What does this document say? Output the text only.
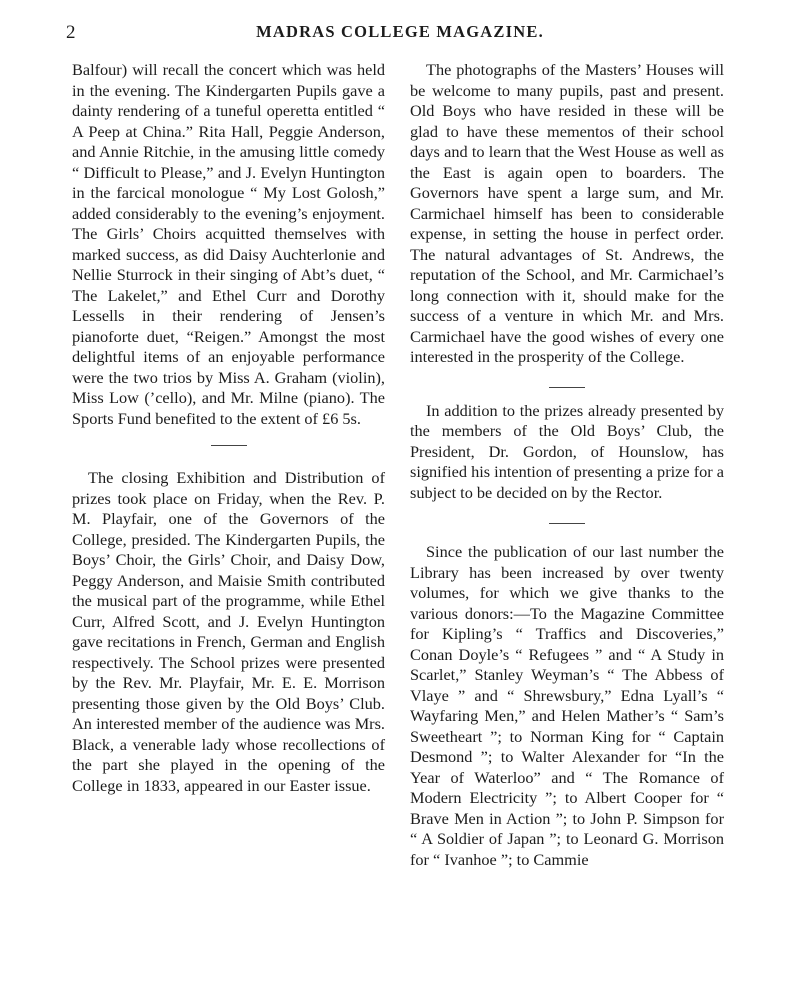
2	MADRAS COLLEGE MAGAZINE.

Balfour) will recall the concert which was held in the evening. The Kindergarten Pupils gave a dainty rendering of a tuneful operetta entitled “ A Peep at China.” Rita Hall, Peggie Anderson, and Annie Ritchie, in the amusing little comedy “ Difficult to Please,” and J. Evelyn Huntington in the farcical monologue “ My Lost Golosh,” added considerably to the evening’s enjoyment. The Girls’ Choirs acquitted themselves with marked success, as did Daisy Auchterlonie and Nellie Sturrock in their singing of Abt’s duet, “ The Lakelet,” and Ethel Curr and Dorothy Lessells in their rendering of Jensen’s pianoforte duet, “Reigen.” Amongst the most delightful items of an enjoyable performance were the two trios by Miss A. Graham (violin), Miss Low (’cello), and Mr. Milne (piano). The Sports Fund benefited to the extent of £6 5s.

The closing Exhibition and Distribution of prizes took place on Friday, when the Rev. P. M. Playfair, one of the Governors of the College, presided. The Kindergarten Pupils, the Boys’ Choir, the Girls’ Choir, and Daisy Dow, Peggy Anderson, and Maisie Smith contributed the musical part of the programme, while Ethel Curr, Alfred Scott, and J. Evelyn Huntington gave recitations in French, German and English respectively. The School prizes were presented by the Rev. Mr. Playfair, Mr. E. E. Morrison presenting those given by the Old Boys’ Club. An interested member of the audience was Mrs. Black, a venerable lady whose recollections of the part she played in the opening of the College in 1833, appeared in our Easter issue.

The photographs of the Masters’ Houses will be welcome to many pupils, past and present. Old Boys who have resided in these will be glad to have these mementos of their school days and to learn that the West House as well as the East is again open to boarders. The Governors have spent a large sum, and Mr. Carmichael himself has been to considerable expense, in setting the house in perfect order. The natural advantages of St. Andrews, the reputation of the School, and Mr. Carmichael’s long connection with it, should make for the success of a venture in which Mr. and Mrs. Carmichael have the good wishes of every one interested in the prosperity of the College.

In addition to the prizes already presented by the members of the Old Boys’ Club, the President, Dr. Gordon, of Hounslow, has signified his intention of presenting a prize for a subject to be decided on by the Rector.

Since the publication of our last number the Library has been increased by over twenty volumes, for which we give thanks to the various donors:—To the Magazine Committee for Kipling’s “ Traffics and Discoveries,” Conan Doyle’s “ Refugees ” and “ A Study in Scarlet,” Stanley Weyman’s “ The Abbess of Vlaye ” and “ Shrewsbury,” Edna Lyall’s “ Wayfaring Men,” and Helen Mather’s “ Sam’s Sweetheart ”; to Norman King for “ Captain Desmond ”; to Walter Alexander for “In the Year of Waterloo” and “ The Romance of Modern Electricity ”; to Albert Cooper for “ Brave Men in Action ”; to John P. Simpson for “ A Soldier of Japan ”; to Leonard G. Morrison for “ Ivanhoe ”; to Cammie
